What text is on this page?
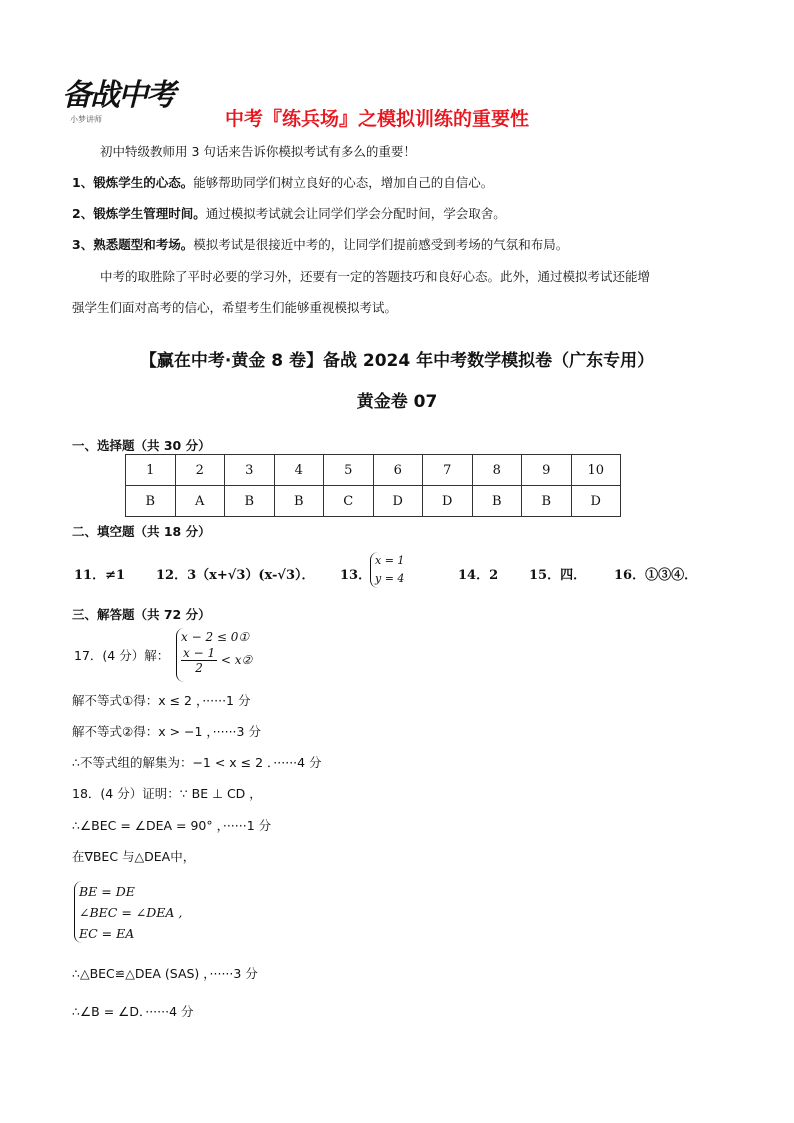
备战中考
小梦讲师	中考『练兵场』之模拟训练的重要性
初中特级教师用 3 句话来告诉你模拟考试有多么的重要！
1、锻炼学生的心态。能够帮助同学们树立良好的心态，增加自己的自信心。
2、锻炼学生管理时间。通过模拟考试就会让同学们学会分配时间，学会取舍。
3、熟悉题型和考场。模拟考试是很接近中考的，让同学们提前感受到考场的气氛和布局。
中考的取胜除了平时必要的学习外，还要有一定的答题技巧和良好心态。此外，通过模拟考试还能增
强学生们面对高考的信心，希望考生们能够重视模拟考试。
【赢在中考·黄金 8 卷】备战 2024 年中考数学模拟卷（广东专用）
黄金卷 07
一、选择题（共 30 分）
1	2	3	4	5	6	7	8	9	10
B	A	B	B	C	D	D	B	B	D
二、填空题（共 18 分）
11．≠1 12．3（x+√3）(x-√3）． 13．
x = 1
y = 4	14．2 15．四． 16．①③④．
三、解答题（共 72 分）
17．(4 分）解：
x − 2 ≤ 0①
$\frac{x - 1}{2}$ < x②
解不等式①得：x ≤ 2 ，······1 分
解不等式②得：x > −1 ，······3 分
∴不等式组的解集为：−1 < x ≤ 2 ．······4 分
18．(4 分）证明：∵ BE ⊥ CD ，
∴∠BEC = ∠DEA = 90° ，······1 分
在∇BEC 与△DEA中，
BE = DE
∠BEC = ∠DEA ,
EC = EA
∴△BEC≌△DEA (SAS) ，······3 分
∴∠B = ∠D．······4 分
